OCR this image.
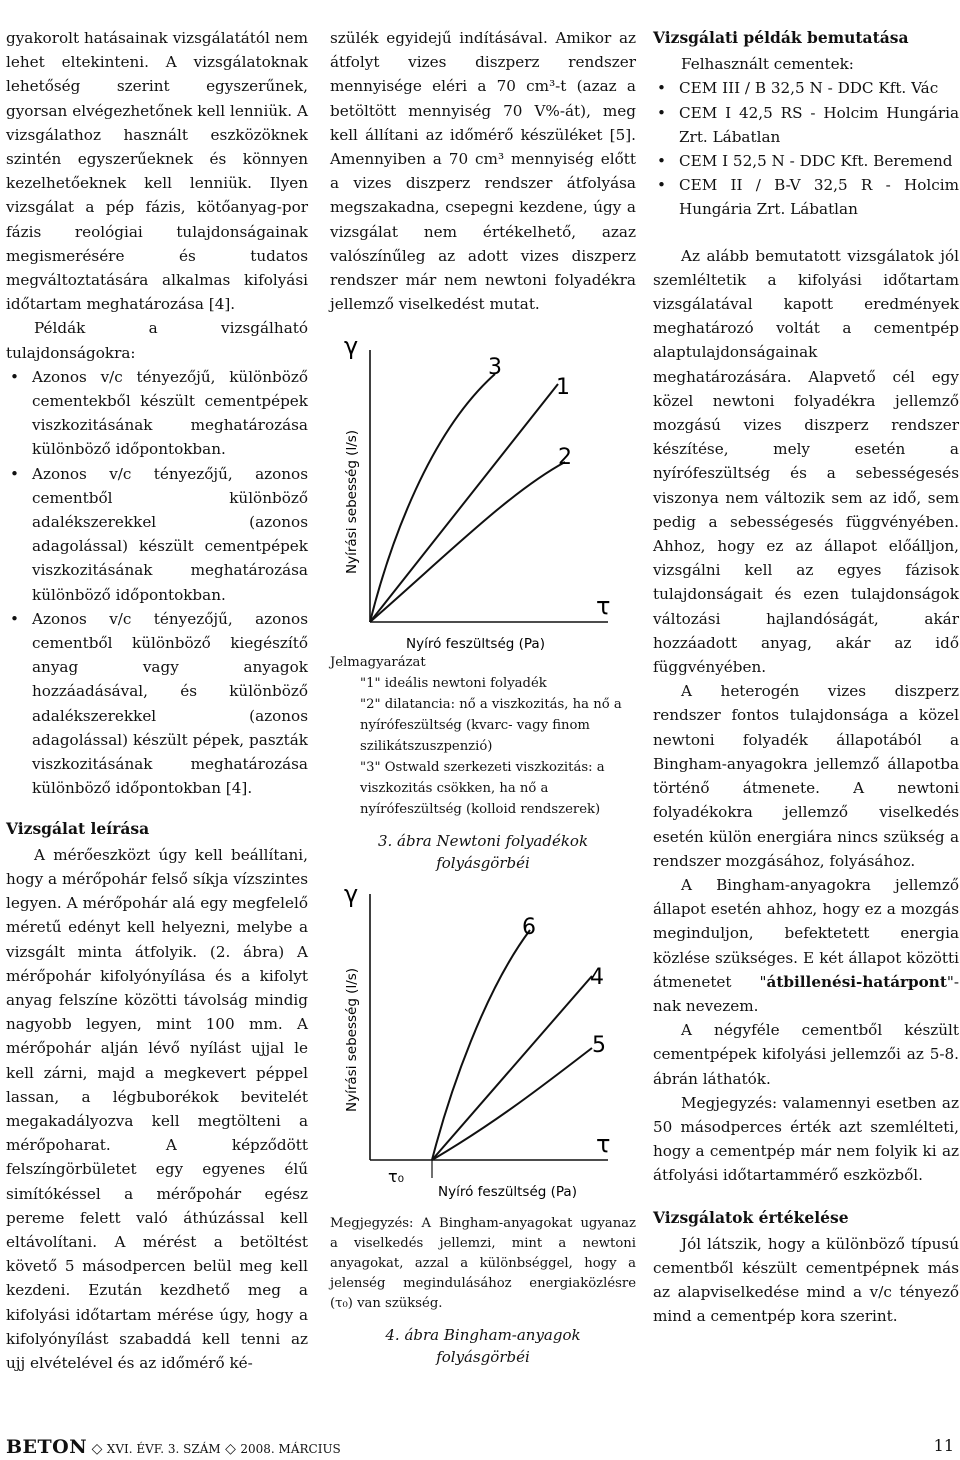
gyakorolt hatásainak vizsgálatától nem lehet eltekinteni. A vizsgálatoknak lehetőség szerint egyszerűnek, gyorsan elvégezhetőnek kell lenniük. A vizsgálathoz használt eszközöknek szintén egyszerűeknek és könnyen kezelhetőeknek kell lenniük. Ilyen vizsgálat a pép fázis, kötőanyag-por fázis reológiai tulajdonságainak megismerésére és tudatos megváltoztatására alkalmas kifolyási időtartam meghatározása [4].

Példák a vizsgálható tulajdonságokra:

• Azonos v/c tényezőjű, különböző cementekből készült cementpépek viszkozitásának meghatározása különböző időpontokban.
• Azonos v/c tényezőjű, azonos cementből különböző adalékszerekkel (azonos adagolással) készült cementpépek viszkozitásának meghatározása különböző időpontokban.
• Azonos v/c tényezőjű, azonos cementből különböző kiegészítő anyag vagy anyagok hozzáadásával, és különböző adalékszerekkel (azonos adagolással) készült pépek, paszták viszkozitásának meghatározása különböző időpontokban [4].
Vizsgálat leírása

A mérőeszközt úgy kell beállítani, hogy a mérőpohár felső síkja vízszintes legyen. A mérőpohár alá egy megfelelő méretű edényt kell helyezni, melybe a vizsgált minta átfolyik. (2. ábra) A mérőpohár kifolyónyílása és a kifolyt anyag felszíne közötti távolság mindig nagyobb legyen, mint 100 mm. A mérőpohár alján lévő nyílást ujjal le kell zárni, majd a megkevert péppel lassan, a légbuborékok bevitelét megakadályozva kell megtölteni a mérőpoharat. A képződött felszíngörbületet egy egyenes élű simítókéssel a mérőpohár egész pereme felett való áthúzással kell eltávolítani. A mérést a betöltést követő 5 másodpercen belül meg kell kezdeni. Ezután kezdhető meg a kifolyási időtartam mérése úgy, hogy a kifolyónyílást szabaddá kell tenni az ujj elvételével és az időmérő ké-

szülék egyidejű indításával. Amikor az átfolyt vizes diszperz rendszer mennyisége eléri a 70 cm³-t (azaz a betöltött mennyiség 70 V%-át), meg kell állítani az időmérő készüléket [5]. Amennyiben a 70 cm³ mennyiség előtt a vizes diszperz rendszer átfolyása megszakadna, csepegni kezdene, úgy a vizsgálat nem értékelhető, azaz valószínűleg az adott vizes diszperz rendszer már nem newtoni folyadékra jellemző viselkedést mutat.

γ
τ
Nyírási sebesség (l/s)
Nyíró feszültség (Pa)
3
1
2
Jelmagyarázat
"1" ideális newtoni folyadék
"2" dilatancia: nő a viszkozitás, ha nő a nyírófeszültség (kvarc- vagy finom szilikátszuszpenzió)
"3" Ostwald szerkezeti viszkozitás: a viszkozitás csökken, ha nő a nyírófeszültség (kolloid rendszerek)
3. ábra Newtoni folyadékok
folyásgörbéi
γ
τ
τ₀
Nyírási sebesség (l/s)
Nyíró feszültség (Pa)
6
4
5

Megjegyzés: A Bingham-anyagokat ugyanaz a viselkedés jellemzi, mint a newtoni anyagokat, azzal a különbséggel, hogy a jelenség megindulásához energiaközlésre (τ₀) van szükség.

4. ábra Bingham-anyagok
folyásgörbéi
Vizsgálati példák bemutatása

Felhasznált cementek:

• CEM III / B 32,5 N - DDC Kft. Vác
• CEM I 42,5 RS - Holcim Hungária Zrt. Lábatlan
• CEM I 52,5 N - DDC Kft. Beremend
• CEM II / B-V 32,5 R - Holcim Hungária Zrt. Lábatlan

Az alább bemutatott vizsgálatok jól szemléltetik a kifolyási időtartam vizsgálatával kapott eredmények meghatározó voltát a cementpép alaptulajdonságainak meghatározására. Alapvető cél egy közel newtoni folyadékra jellemző mozgású vizes diszperz rendszer készítése, mely esetén a nyírófeszültség és a sebességesés viszonya nem változik sem az idő, sem pedig a sebességesés függvényében. Ahhoz, hogy ez az állapot előálljon, vizsgálni kell az egyes fázisok tulajdonságait és ezen tulajdonságok változási hajlandóságát, akár hozzáadott anyag, akár az idő függvényében.

A heterogén vizes diszperz rendszer fontos tulajdonsága a közel newtoni folyadék állapotából a Bingham-anyagokra jellemző állapotba történő átmenete. A newtoni folyadékokra jellemző viselkedés esetén külön energiára nincs szükség a rendszer mozgásához, folyásához.

A Bingham-anyagokra jellemző állapot esetén ahhoz, hogy ez a mozgás meginduljon, befektetett energia közlése szükséges. E két állapot közötti átmenetet "átbillenési-határpont"-nak nevezem.

A négyféle cementből készült cementpépek kifolyási jellemzői az 5-8. ábrán láthatók.

Megjegyzés: valamennyi esetben az 50 másodperces érték azt szemlélteti, hogy a cementpép már nem folyik ki az átfolyási időtartammérő eszközből.

Vizsgálatok értékelése

Jól látszik, hogy a különböző típusú cementből készült cementpépnek más az alapviselkedése mind a v/c tényező mind a cementpép kora szerint.

BETON ◇ XVI. ÉVF. 3. SZÁM ◇ 2008. MÁRCIUS	11
